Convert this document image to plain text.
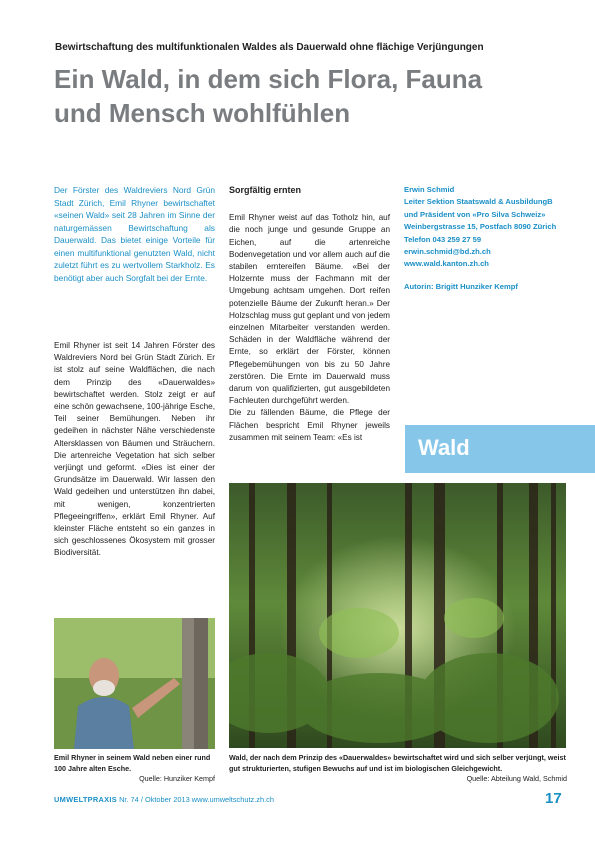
Bewirtschaftung des multifunktionalen Waldes als Dauerwald ohne flächige Verjüngungen
Ein Wald, in dem sich Flora, Fauna
und Mensch wohlfühlen

Der Förster des Waldreviers Nord Grün Stadt Zürich, Emil Rhyner bewirtschaftet «seinen Wald» seit 28 Jahren im Sinne der naturgemässen Bewirtschaftung als Dauerwald. Das bietet einige Vorteile für einen multifunktional genutzten Wald, nicht zuletzt führt es zu wertvollem Starkholz. Es benötigt aber auch Sorgfalt bei der Ernte.

Emil Rhyner ist seit 14 Jahren Förster des Waldreviers Nord bei Grün Stadt Zürich. Er ist stolz auf seine Waldflächen, die nach dem Prinzip des «Dauerwaldes» bewirtschaftet werden. Stolz zeigt er auf eine schön gewachsene, 100-jährige Esche, Teil seiner Bemühungen. Neben ihr gedeihen in nächster Nähe verschiedenste Altersklassen von Bäumen und Sträuchern. Die artenreiche Vegetation hat sich selber verjüngt und geformt. «Dies ist einer der Grundsätze im Dauerwald. Wir lassen den Wald gedeihen und unterstützen ihn dabei, mit wenigen, konzentrierten Pflegeeingriffen», erklärt Emil Rhyner. Auf kleinster Fläche entsteht so ein ganzes in sich geschlossenes Ökosystem mit grosser Biodiversität.

Sorgfältig ernten

Emil Rhyner weist auf das Totholz hin, auf die noch junge und gesunde Gruppe an Eichen, auf die artenreiche Bodenvegetation und vor allem auch auf die stabilen erntereifen Bäume. «Bei der Holzernte muss der Fachmann mit der Umgebung achtsam umgehen. Dort reifen potenzielle Bäume der Zukunft heran.» Der Holzschlag muss gut geplant und von jedem einzelnen Mitarbeiter verstanden werden. Schäden in der Waldfläche während der Ernte, so erklärt der Förster, können Pflegebemühungen von bis zu 50 Jahre zerstören. Die Ernte im Dauerwald muss darum von qualifizierten, gut ausgebildeten Fachleuten durchgeführt werden.

Die zu fällenden Bäume, die Pflege der Flächen bespricht Emil Rhyner jeweils zusammen mit seinem Team: «Es ist

Erwin Schmid
Leiter Sektion Staatswald & AusbildungB
und Präsident von «Pro Silva Schweiz»
Weinbergstrasse 15, Postfach 8090 Zürich
Telefon 043 259 27 59
erwin.schmid@bd.zh.ch
www.wald.kanton.zh.ch
Autorin: Brigitt Hunziker Kempf
Wald
Emil Rhyner in seinem Wald neben einer rund 100 Jahre alten Esche.
Quelle: Hunziker Kempf
Wald, der nach dem Prinzip des «Dauerwaldes» bewirtschaftet wird und sich selber verjüngt, weist gut strukturierten, stufigen Bewuchs auf und ist im biologischen Gleichgewicht.
Quelle: Abteilung Wald, Schmid
UMWELTPRAXIS Nr. 74 / Oktober 2013 www.umweltschutz.zh.ch	17
